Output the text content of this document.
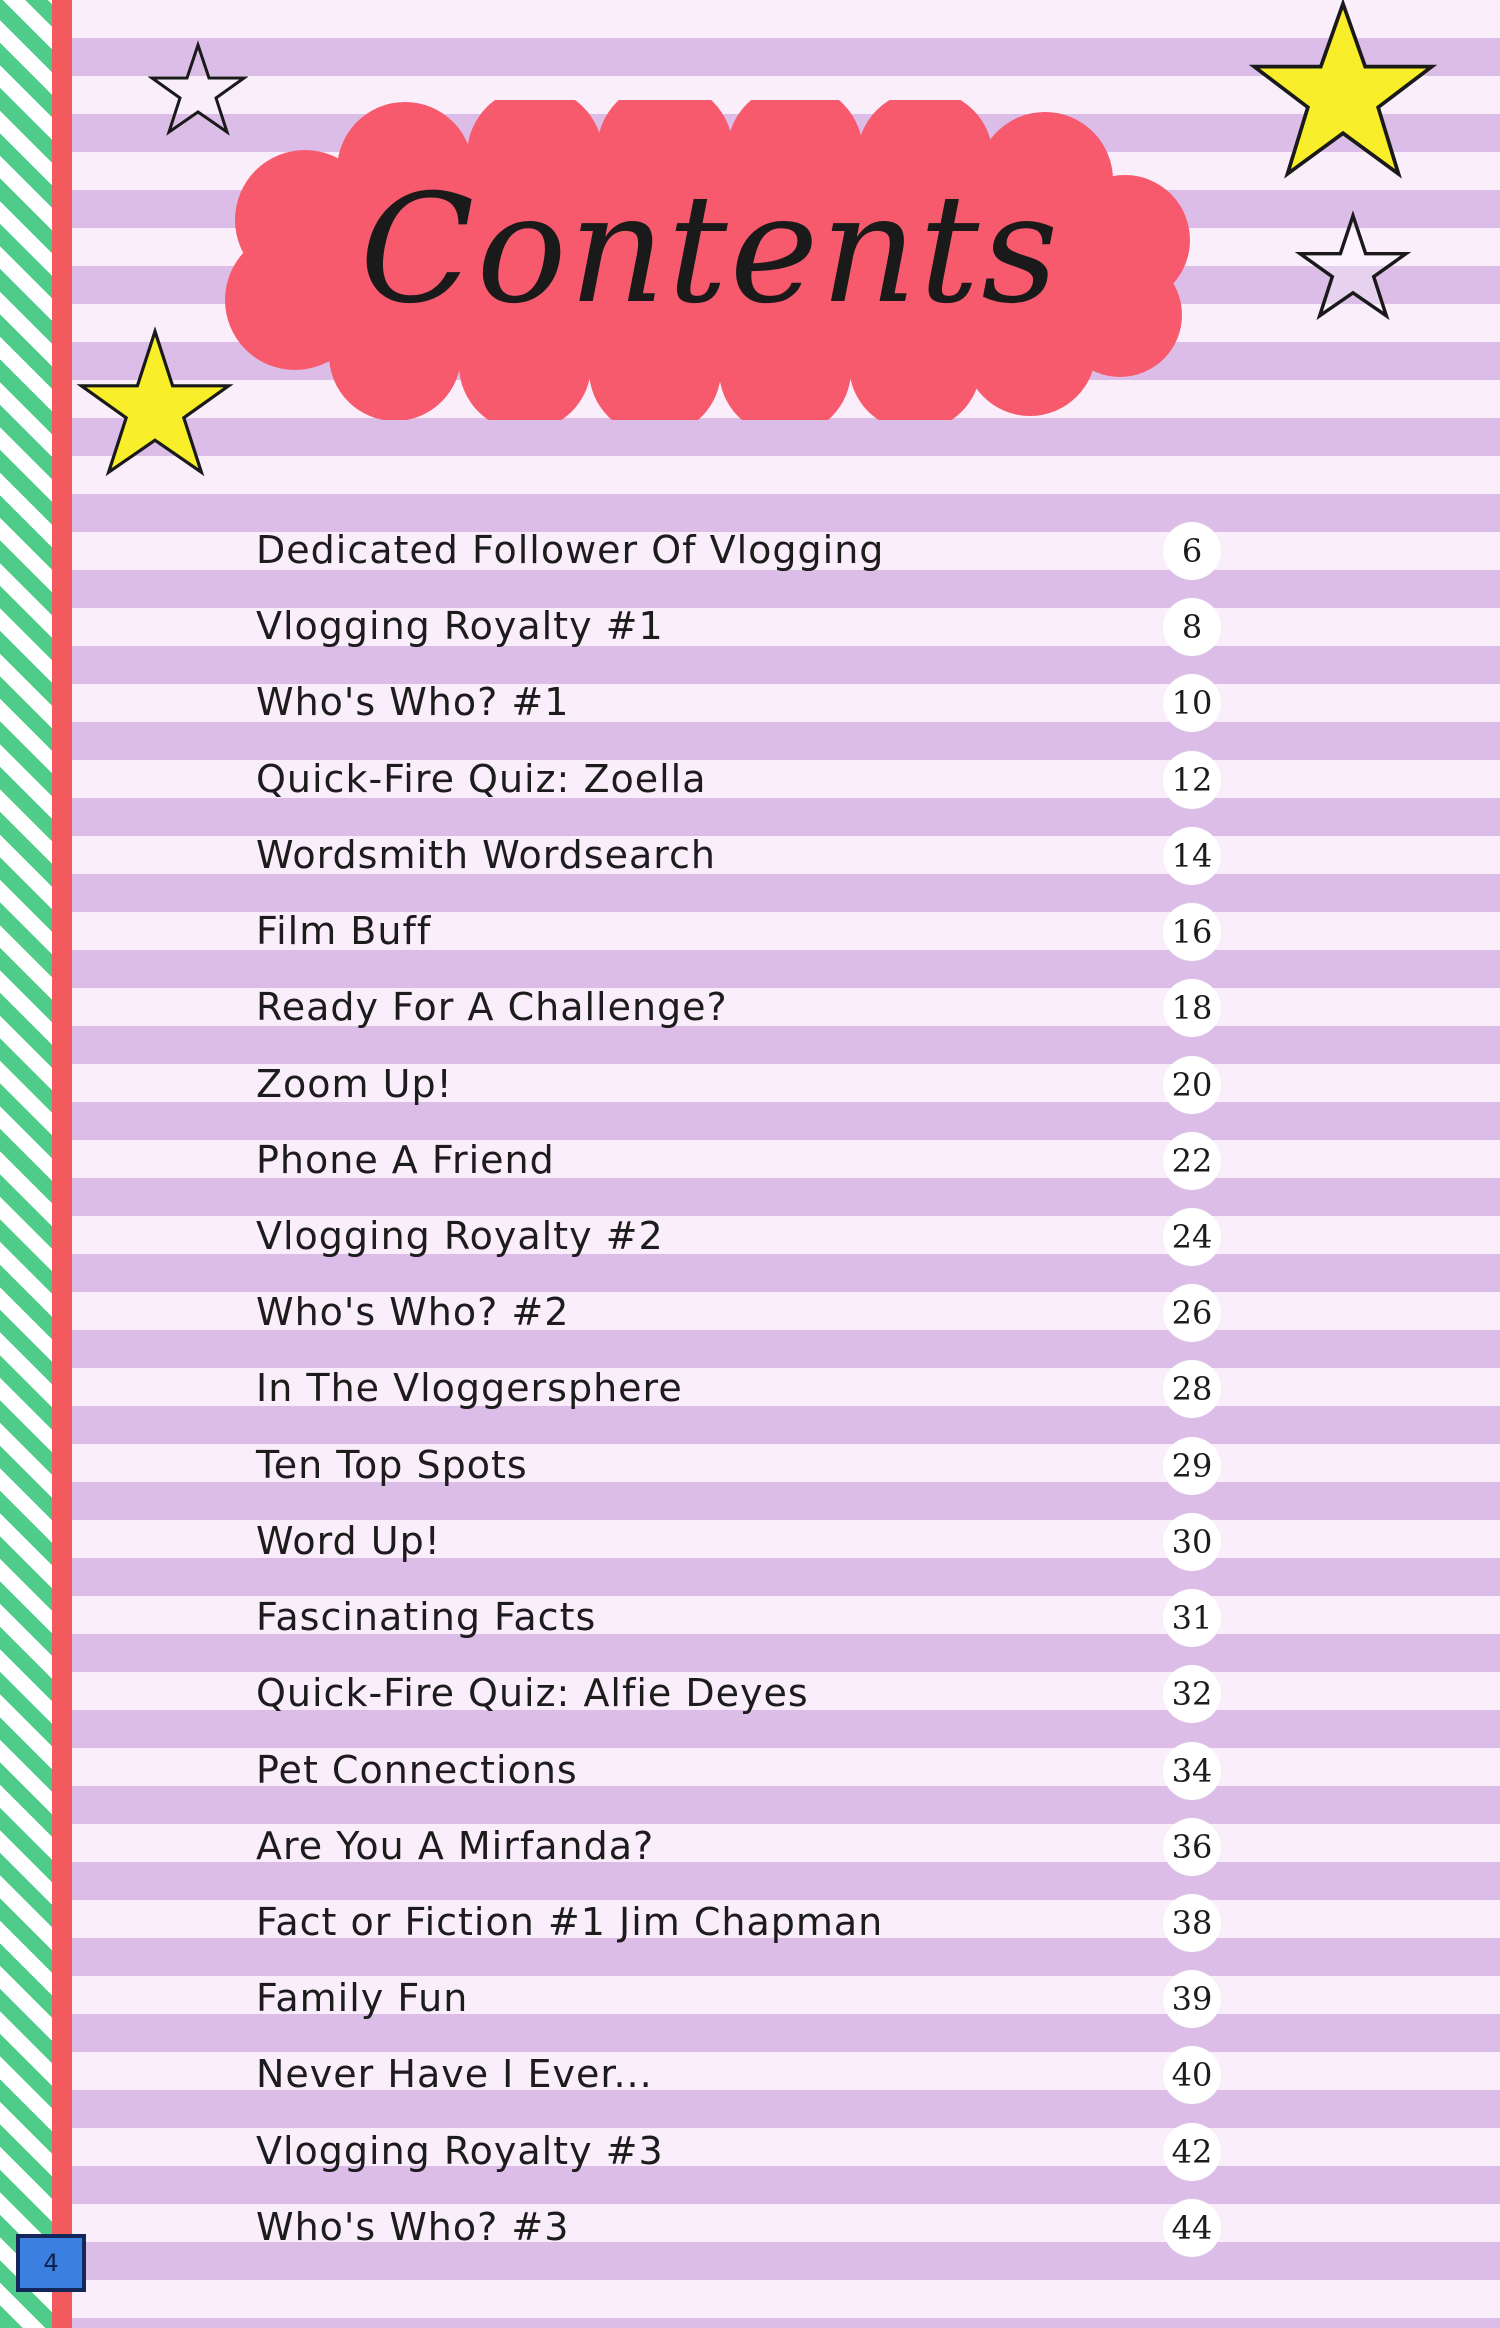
Contents
Dedicated Follower Of Vlogging	6
Vlogging Royalty #1	8
Who's Who? #1	10
Quick-Fire Quiz: Zoella	12
Wordsmith Wordsearch	14
Film Buff	16
Ready For A Challenge?	18
Zoom Up!	20
Phone A Friend	22
Vlogging Royalty #2	24
Who's Who? #2	26
In The Vloggersphere	28
Ten Top Spots	29
Word Up!	30
Fascinating Facts	31
Quick-Fire Quiz: Alfie Deyes	32
Pet Connections	34
Are You A Mirfanda?	36
Fact or Fiction #1 Jim Chapman	38
Family Fun	39
Never Have I Ever...	40
Vlogging Royalty #3	42
Who's Who? #3	44
4
